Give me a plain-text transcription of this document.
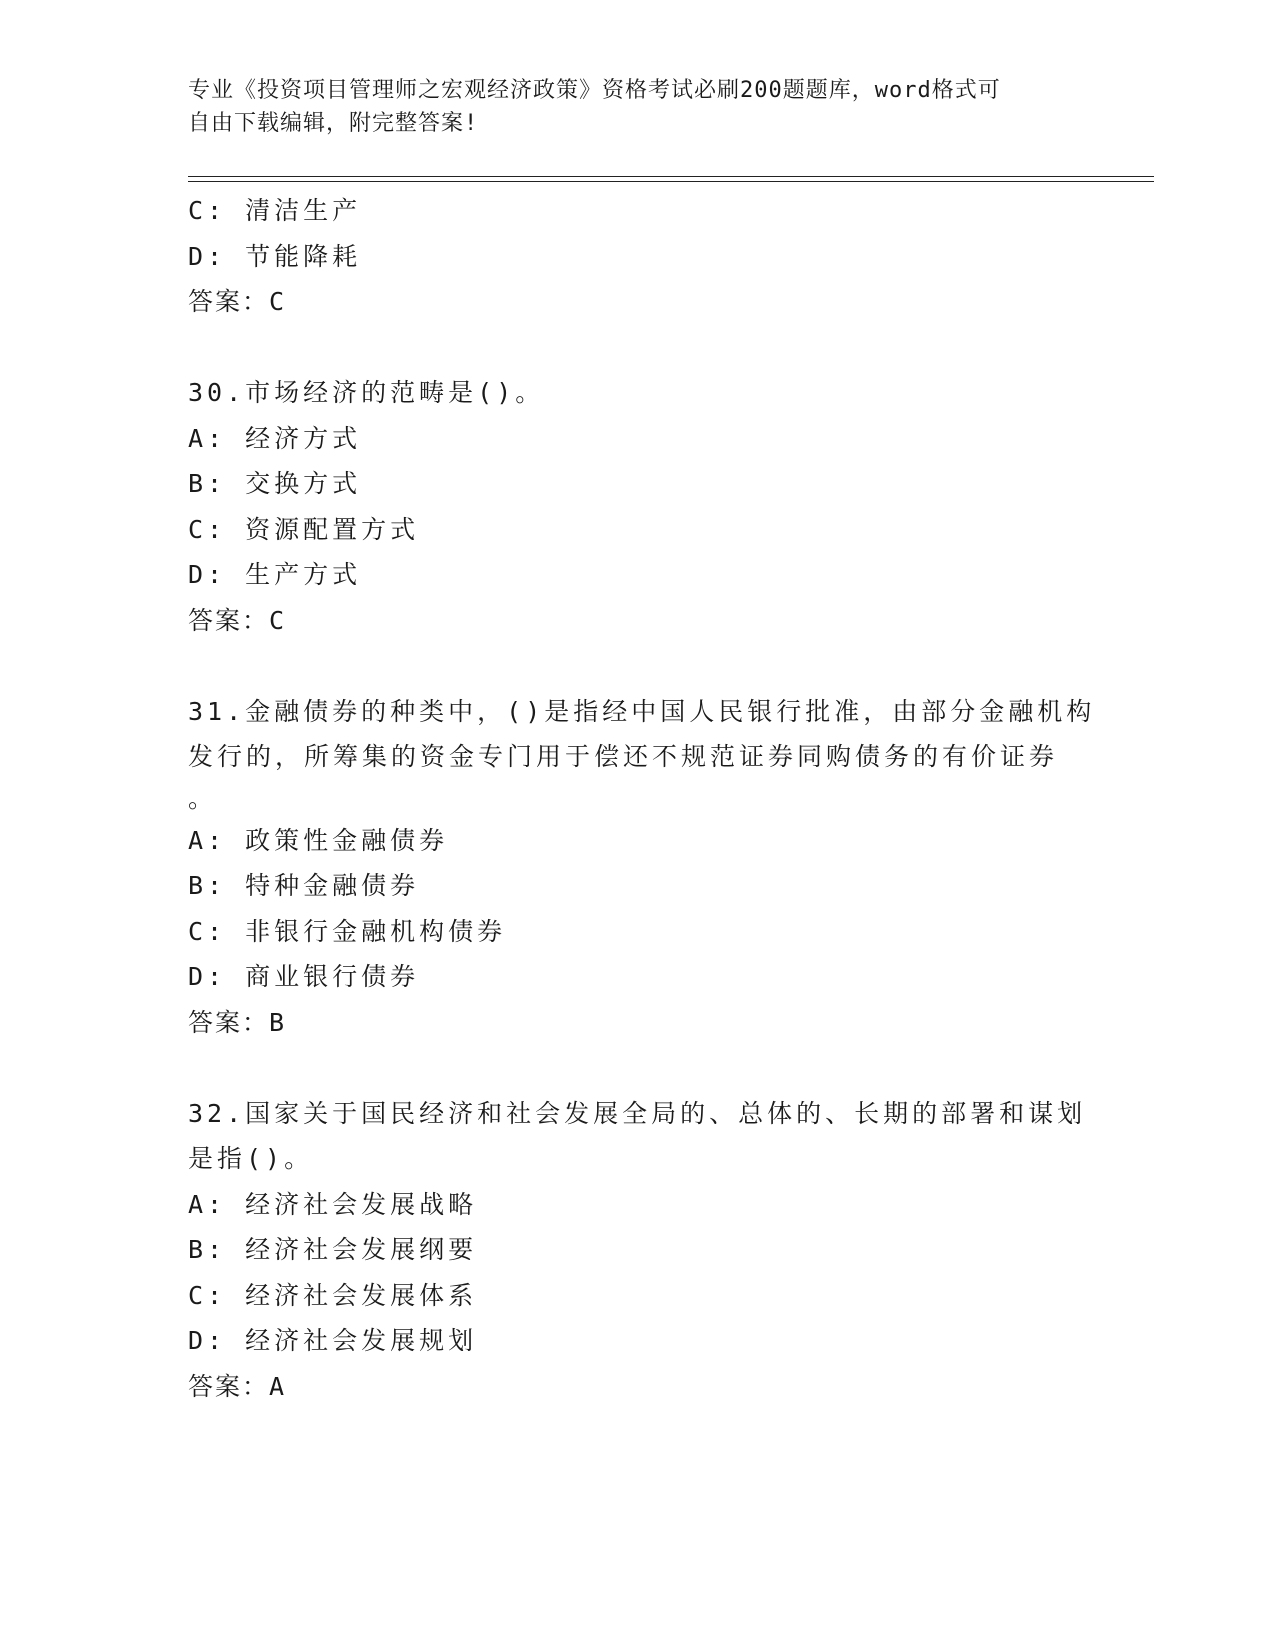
专业《投资项目管理师之宏观经济政策》资格考试必刷200题题库，word格式可
自由下载编辑，附完整答案!
C: 清洁生产
D: 节能降耗
答案：C
30.市场经济的范畴是()。
A: 经济方式
B: 交换方式
C: 资源配置方式
D: 生产方式
答案：C
31.金融债券的种类中，()是指经中国人民银行批准，由部分金融机构
发行的，所筹集的资金专门用于偿还不规范证券同购债务的有价证券
。
A: 政策性金融债券
B: 特种金融债券
C: 非银行金融机构债券
D: 商业银行债券
答案：B
32.国家关于国民经济和社会发展全局的、总体的、长期的部署和谋划
是指()。
A: 经济社会发展战略
B: 经济社会发展纲要
C: 经济社会发展体系
D: 经济社会发展规划
答案：A
